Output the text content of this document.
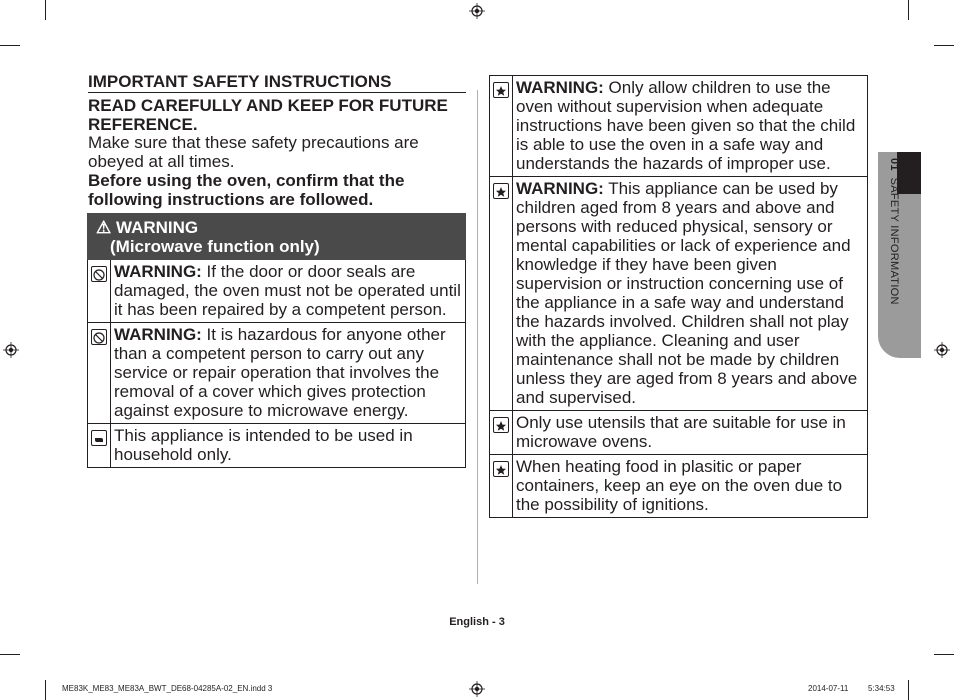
IMPORTANT SAFETY INSTRUCTIONS
READ CAREFULLY AND KEEP FOR FUTURE REFERENCE.
Make sure that these safety precautions are obeyed at all times.
Before using the oven, confirm that the following instructions are followed.
⚠ WARNING
(Microwave function only)	
	WARNING: If the door or door seals are damaged, the oven must not be operated until it has been repaired by a competent person.
	WARNING: It is hazardous for anyone other than a competent person to carry out any service or repair operation that involves the removal of a cover which gives protection against exposure to microwave energy.
	This appliance is intended to be used in household only.
	WARNING: Only allow children to use the oven without supervision when adequate instructions have been given so that the child is able to use the oven in a safe way and understands the hazards of improper use.
	WARNING: This appliance can be used by children aged from 8 years and above and persons with reduced physical, sensory or mental capabilities or lack of experience and knowledge if they have been given supervision or instruction concerning use of the appliance in a safe way and understand the hazards involved. Children shall not play with the appliance. Cleaning and user maintenance shall not be made by children unless they are aged from 8 years and above and supervised.
	Only use utensils that are suitable for use in microwave ovens.
	When heating food in plasitic or paper containers, keep an eye on the oven due to the possibility of ignitions.
01  SAFETY INFORMATION
English - 3
ME83K_ME83_ME83A_BWT_DE68-04285A-02_EN.indd 3	2014-07-11 5:34:53
